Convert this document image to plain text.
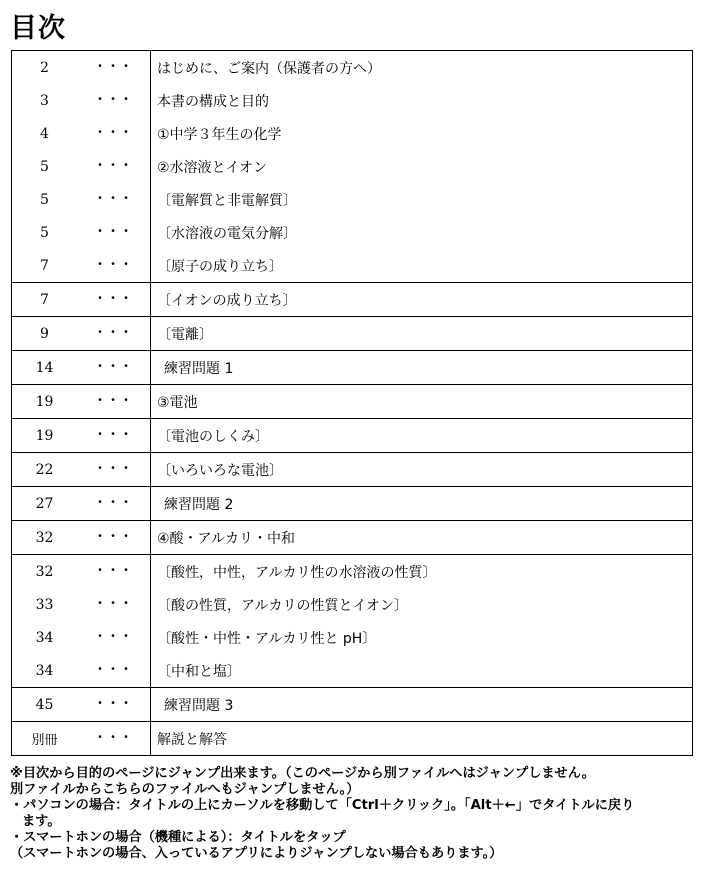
目次
2	・・・	はじめに、ご案内（保護者の方へ）
3	・・・	本書の構成と目的
4	・・・	①中学３年生の化学
5	・・・	②水溶液とイオン
5	・・・	〔電解質と非電解質〕
5	・・・	〔水溶液の電気分解〕
7	・・・	〔原子の成り立ち〕
7	・・・	〔イオンの成り立ち〕
9	・・・	〔電離〕
14	・・・	練習問題 1
19	・・・	③電池
19	・・・	〔電池のしくみ〕
22	・・・	〔いろいろな電池〕
27	・・・	練習問題 2
32	・・・	④酸・アルカリ・中和
32	・・・	〔酸性，中性，アルカリ性の水溶液の性質〕
33	・・・	〔酸の性質，アルカリの性質とイオン〕
34	・・・	〔酸性・中性・アルカリ性と pH〕
34	・・・	〔中和と塩〕
45	・・・	練習問題 3
別冊	・・・	解説と解答
※目次から目的のページにジャンプ出来ます。（このページから別ファイルへはジャンプしません。
別ファイルからこちらのファイルへもジャンプしません。）
・パソコンの場合：タイトルの上にカーソルを移動して「Ctrl＋クリック」。「Alt＋←」でタイトルに戻り
ます。
・スマートホンの場合（機種による）：タイトルをタップ
（スマートホンの場合、入っているアプリによりジャンプしない場合もあります。）
